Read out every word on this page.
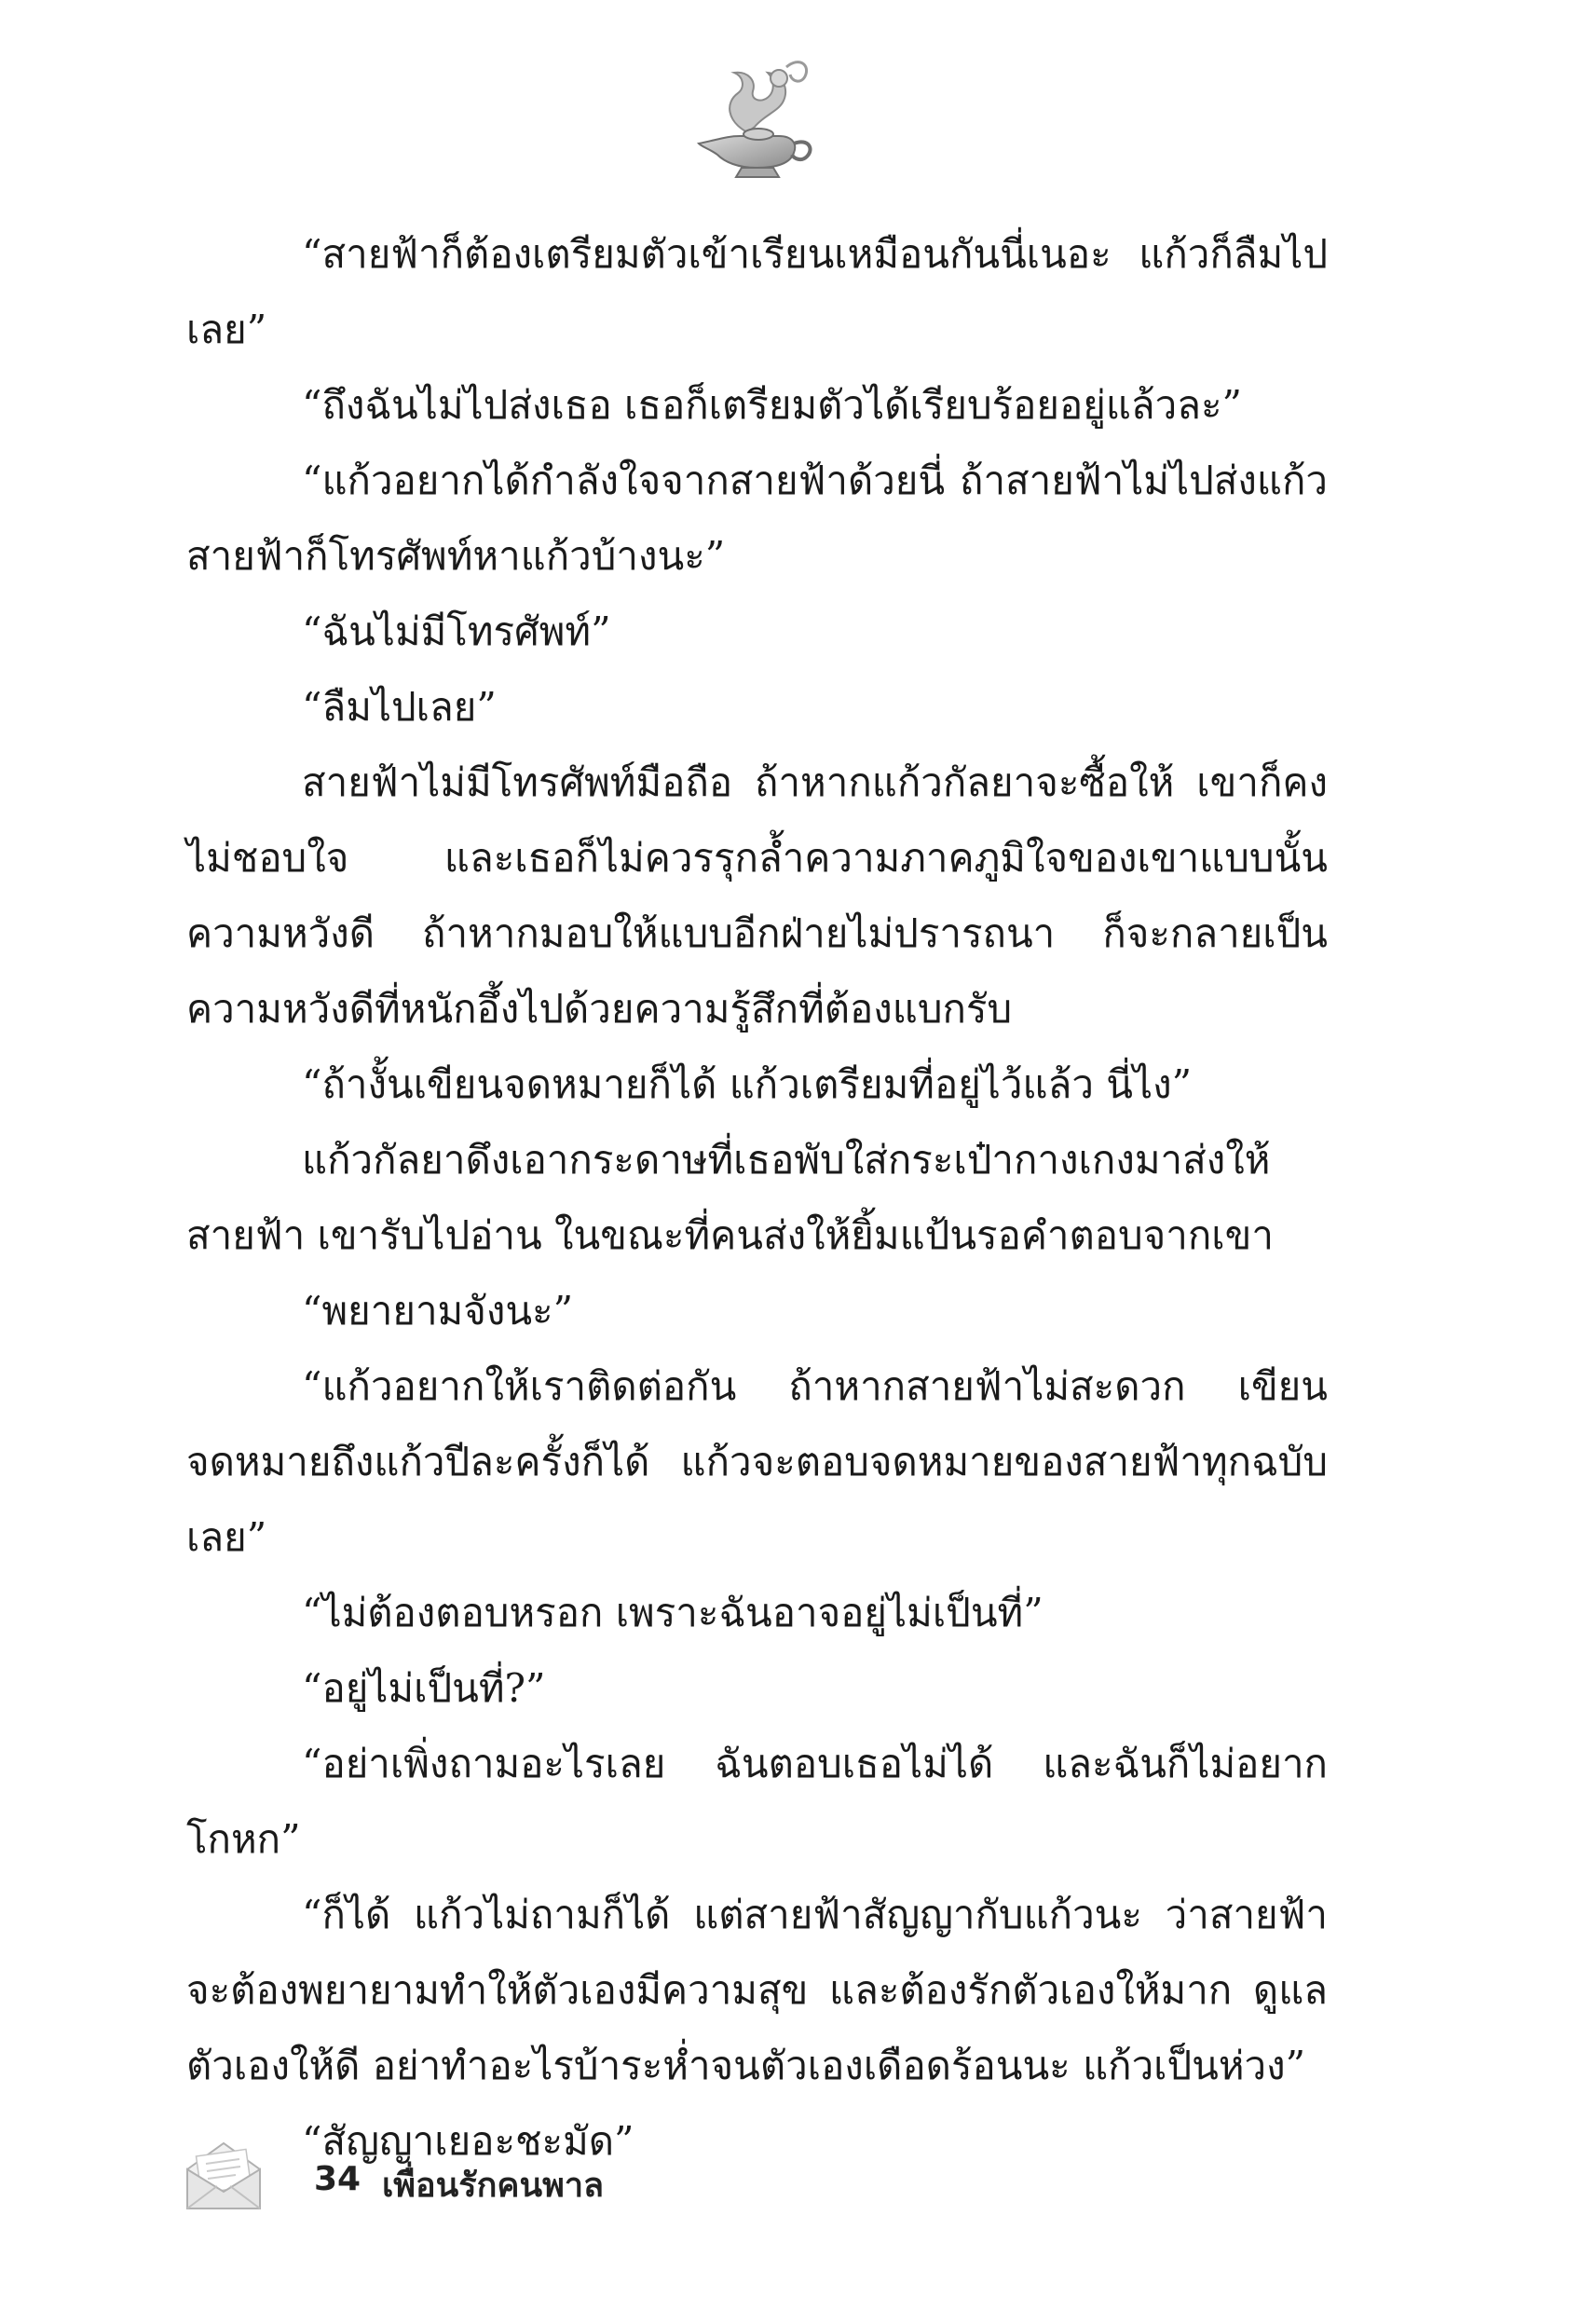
“สายฟ้าก็ต้องเตรียมตัวเข้าเรียนเหมือนกันนี่เนอะ แก้วก็ลืมไปเลย”

“ถึงฉันไม่ไปส่งเธอ เธอก็เตรียมตัวได้เรียบร้อยอยู่แล้วละ”

“แก้วอยากได้กำลังใจจากสายฟ้าด้วยนี่ ถ้าสายฟ้าไม่ไปส่งแก้วสายฟ้าก็โทรศัพท์หาแก้วบ้างนะ”

“ฉันไม่มีโทรศัพท์”

“ลืมไปเลย”

สายฟ้าไม่มีโทรศัพท์มือถือ ถ้าหากแก้วกัลยาจะซื้อให้ เขาก็คงไม่ชอบใจ และเธอก็ไม่ควรรุกล้ำความภาคภูมิใจของเขาแบบนั้น ความหวังดี ถ้าหากมอบให้แบบอีกฝ่ายไม่ปรารถนา ก็จะกลายเป็นความหวังดีที่หนักอึ้งไปด้วยความรู้สึกที่ต้องแบกรับ

“ถ้างั้นเขียนจดหมายก็ได้ แก้วเตรียมที่อยู่ไว้แล้ว นี่ไง”

แก้วกัลยาดึงเอากระดาษที่เธอพับใส่กระเป๋ากางเกงมาส่งให้สายฟ้า เขารับไปอ่าน ในขณะที่คนส่งให้ยิ้มแป้นรอคำตอบจากเขา

“พยายามจังนะ”

“แก้วอยากให้เราติดต่อกัน ถ้าหากสายฟ้าไม่สะดวก เขียนจดหมายถึงแก้วปีละครั้งก็ได้ แก้วจะตอบจดหมายของสายฟ้าทุกฉบับเลย”

“ไม่ต้องตอบหรอก เพราะฉันอาจอยู่ไม่เป็นที่”

“อยู่ไม่เป็นที่?”

“อย่าเพิ่งถามอะไรเลย ฉันตอบเธอไม่ได้ และฉันก็ไม่อยากโกหก”

“ก็ได้ แก้วไม่ถามก็ได้ แต่สายฟ้าสัญญากับแก้วนะ ว่าสายฟ้าจะต้องพยายามทำให้ตัวเองมีความสุข และต้องรักตัวเองให้มาก ดูแลตัวเองให้ดี อย่าทำอะไรบ้าระห่ำจนตัวเองเดือดร้อนนะ แก้วเป็นห่วง”

“สัญญาเยอะชะมัด”

34 เพื่อนรักคนพาล
